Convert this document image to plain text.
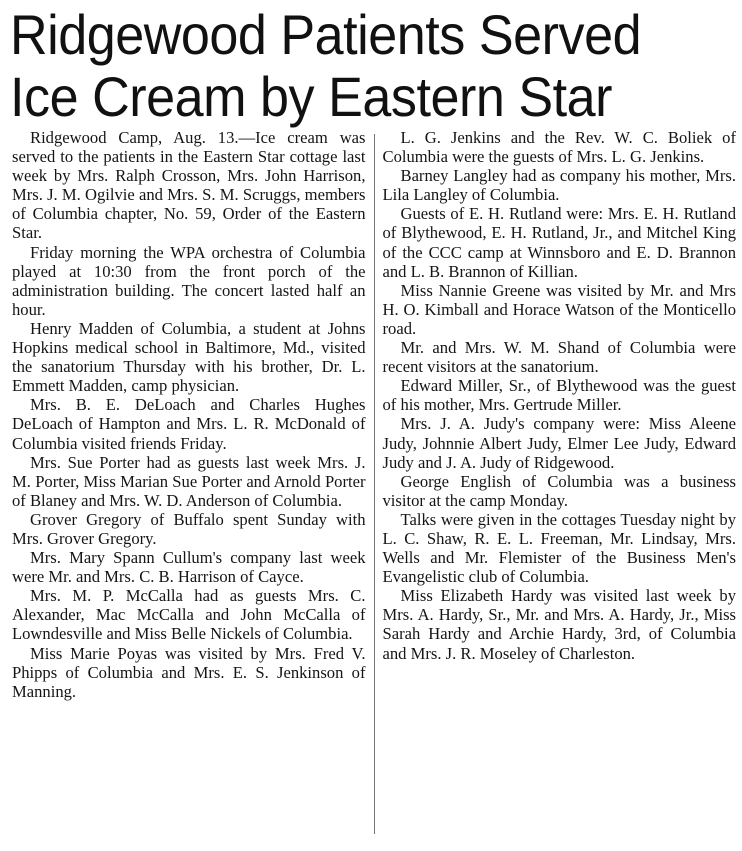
Ridgewood Patients Served
Ice Cream by Eastern Star

Ridgewood Camp, Aug. 13.—Ice cream was served to the patients in the Eastern Star cottage last week by Mrs. Ralph Crosson, Mrs. John Harrison, Mrs. J. M. Ogilvie and Mrs. S. M. Scruggs, members of Columbia chapter, No. 59, Order of the Eastern Star.

Friday morning the WPA orchestra of Columbia played at 10:30 from the front porch of the administration building. The concert lasted half an hour.

Henry Madden of Columbia, a student at Johns Hopkins medical school in Baltimore, Md., visited the sanatorium Thursday with his brother, Dr. L. Emmett Madden, camp physician.

Mrs. B. E. DeLoach and Charles Hughes DeLoach of Hampton and Mrs. L. R. McDonald of Columbia visited friends Friday.

Mrs. Sue Porter had as guests last week Mrs. J. M. Porter, Miss Marian Sue Porter and Arnold Porter of Blaney and Mrs. W. D. Anderson of Columbia.

Grover Gregory of Buffalo spent Sunday with Mrs. Grover Gregory.

Mrs. Mary Spann Cullum's company last week were Mr. and Mrs. C. B. Harrison of Cayce.

Mrs. M. P. McCalla had as guests Mrs. C. Alexander, Mac McCalla and John McCalla of Lowndesville and Miss Belle Nickels of Columbia.

Miss Marie Poyas was visited by Mrs. Fred V. Phipps of Columbia and Mrs. E. S. Jenkinson of Manning.

L. G. Jenkins and the Rev. W. C. Boliek of Columbia were the guests of Mrs. L. G. Jenkins.

Barney Langley had as company his mother, Mrs. Lila Langley of Columbia.

Guests of E. H. Rutland were: Mrs. E. H. Rutland of Blythewood, E. H. Rutland, Jr., and Mitchel King of the CCC camp at Winnsboro and E. D. Brannon and L. B. Brannon of Killian.

Miss Nannie Greene was visited by Mr. and Mrs H. O. Kimball and Horace Watson of the Monticello road.

Mr. and Mrs. W. M. Shand of Columbia were recent visitors at the sanatorium.

Edward Miller, Sr., of Blythewood was the guest of his mother, Mrs. Gertrude Miller.

Mrs. J. A. Judy's company were: Miss Aleene Judy, Johnnie Albert Judy, Elmer Lee Judy, Edward Judy and J. A. Judy of Ridgewood.

George English of Columbia was a business visitor at the camp Monday.

Talks were given in the cottages Tuesday night by L. C. Shaw, R. E. L. Freeman, Mr. Lindsay, Mrs. Wells and Mr. Flemister of the Business Men's Evangelistic club of Columbia.

Miss Elizabeth Hardy was visited last week by Mrs. A. Hardy, Sr., Mr. and Mrs. A. Hardy, Jr., Miss Sarah Hardy and Archie Hardy, 3rd, of Columbia and Mrs. J. R. Moseley of Charleston.
